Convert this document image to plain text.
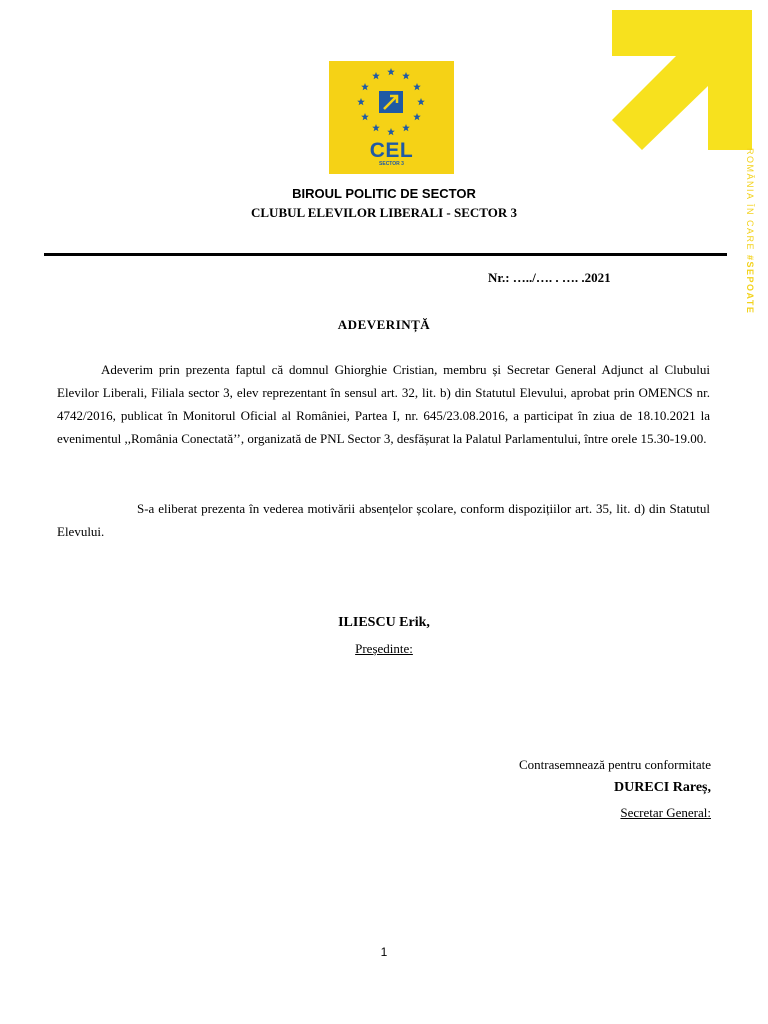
CEL
SECTOR 3	ROMÂNIA ÎN CARE #SEPOATE
BIROUL POLITIC DE SECTOR
CLUBUL ELEVILOR LIBERALI - SECTOR 3
Nr.: …../…. . …. .2021
ADEVERINȚĂ

Adeverim prin prezenta faptul că domnul Ghiorghie Cristian, membru și Secretar General Adjunct al Clubului Elevilor Liberali, Filiala sector 3, elev reprezentant în sensul art. 32, lit. b) din Statutul Elevului, aprobat prin OMENCS nr. 4742/2016, publicat în Monitorul Oficial al României, Partea I, nr. 645/23.08.2016, a participat în ziua de 18.10.2021 la evenimentul ,,România Conectată’’, organizată de PNL Sector 3, desfășurat la Palatul Parlamentului, între orele 15.30-19.00.

S-a eliberat prezenta în vederea motivării absențelor școlare, conform dispozițiilor art. 35, lit. d) din Statutul Elevului.

ILIESCU Erik,
Președinte:
Contrasemnează pentru conformitate
DURECI Rareș,
Secretar General:
1
